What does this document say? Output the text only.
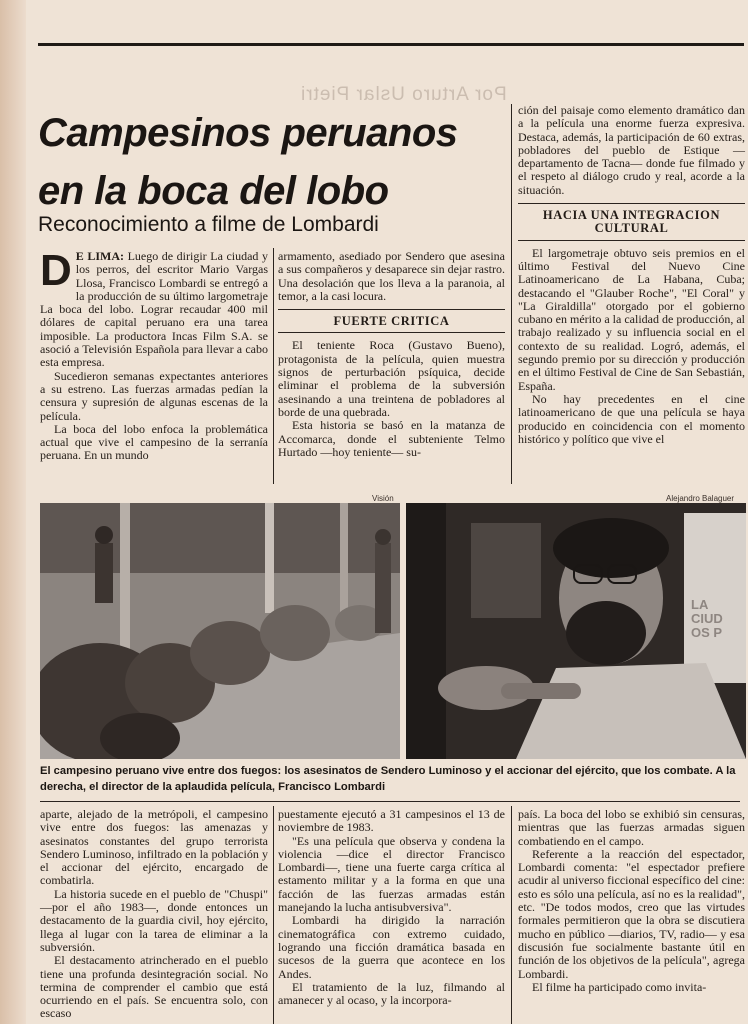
Por Arturo Uslar Pietri
Campesinos peruanos en la boca del lobo
Reconocimiento a filme de Lombardi

D E LIMA: Luego de dirigir La ciudad y los perros, del escritor Mario Vargas Llosa, Francisco Lombardi se entregó a la producción de su último largometraje La boca del lobo. Lograr recaudar 400 mil dólares de capital peruano era una tarea imposible. La productora Incas Film S.A. se asoció a Televisión Española para llevar a cabo esta empresa.

Sucedieron semanas expectantes anteriores a su estreno. Las fuerzas armadas pedían la censura y supresión de algunas escenas de la película.

La boca del lobo enfoca la problemática actual que vive el campesino de la serranía peruana. En un mundo

armamento, asediado por Sendero que asesina a sus compañeros y desaparece sin dejar rastro. Una desolación que los lleva a la paranoia, al temor, a la casi locura.

FUERTE CRITICA

El teniente Roca (Gustavo Bueno), protagonista de la película, quien muestra signos de perturbación psíquica, decide eliminar el problema de la subversión asesinando a una treintena de pobladores al borde de una quebrada.

Esta historia se basó en la matanza de Accomarca, donde el subteniente Telmo Hurtado —hoy teniente— su-

ción del paisaje como elemento dramático dan a la película una enorme fuerza expresiva. Destaca, además, la participación de 60 extras, pobladores del pueblo de Estique —departamento de Tacna— donde fue filmado y el respeto al diálogo crudo y real, acorde a la situación.

HACIA UNA INTEGRACION CULTURAL

El largometraje obtuvo seis premios en el último Festival del Nuevo Cine Latinoamericano de La Habana, Cuba; destacando el "Glauber Roche", "El Coral" y "La Giraldilla" otorgado por el gobierno cubano en mérito a la calidad de producción, al trabajo realizado y su influencia social en el contexto de su realidad. Logró, además, el segundo premio por su dirección y producción en el último Festival de Cine de San Sebastián, España.

No hay precedentes en el cine latinoamericano de que una película se haya producido en coincidencia con el momento histórico y político que vive el

Visión	Alejandro Balaguer
LA CIUD OS P

El campesino peruano vive entre dos fuegos: los asesinatos de Sendero Luminoso y el accionar del ejército, que los combate. A la derecha, el director de la aplaudida película, Francisco Lombardi

aparte, alejado de la metrópoli, el campesino vive entre dos fuegos: las amenazas y asesinatos constantes del grupo terrorista Sendero Luminoso, infiltrado en la población y el accionar del ejército, encargado de combatirla.

La historia sucede en el pueblo de "Chuspi" —por el año 1983—, donde entonces un destacamento de la guardia civil, hoy ejército, llega al lugar con la tarea de eliminar a la subversión.

El destacamento atrincherado en el pueblo tiene una profunda desintegración social. No termina de comprender el cambio que está ocurriendo en el país. Se encuentra solo, con escaso

puestamente ejecutó a 31 campesinos el 13 de noviembre de 1983.

"Es una película que observa y condena la violencia —dice el director Francisco Lombardi—, tiene una fuerte carga crítica al estamento militar y a la forma en que una facción de las fuerzas armadas están manejando la lucha antisubversiva".

Lombardi ha dirigido la narración cinematográfica con extremo cuidado, logrando una ficción dramática basada en sucesos de la guerra que acontece en los Andes.

El tratamiento de la luz, filmando al amanecer y al ocaso, y la incorpora-

país. La boca del lobo se exhibió sin censuras, mientras que las fuerzas armadas siguen combatiendo en el campo.

Referente a la reacción del espectador, Lombardi comenta: "el espectador prefiere acudir al universo ficcional específico del cine: esto es sólo una película, así no es la realidad", etc. "De todos modos, creo que las virtudes formales permitieron que la obra se discutiera mucho en público —diarios, TV, radio— y esa discusión fue socialmente bastante útil en función de los objetivos de la película", agrega Lombardi.

El filme ha participado como invita-
